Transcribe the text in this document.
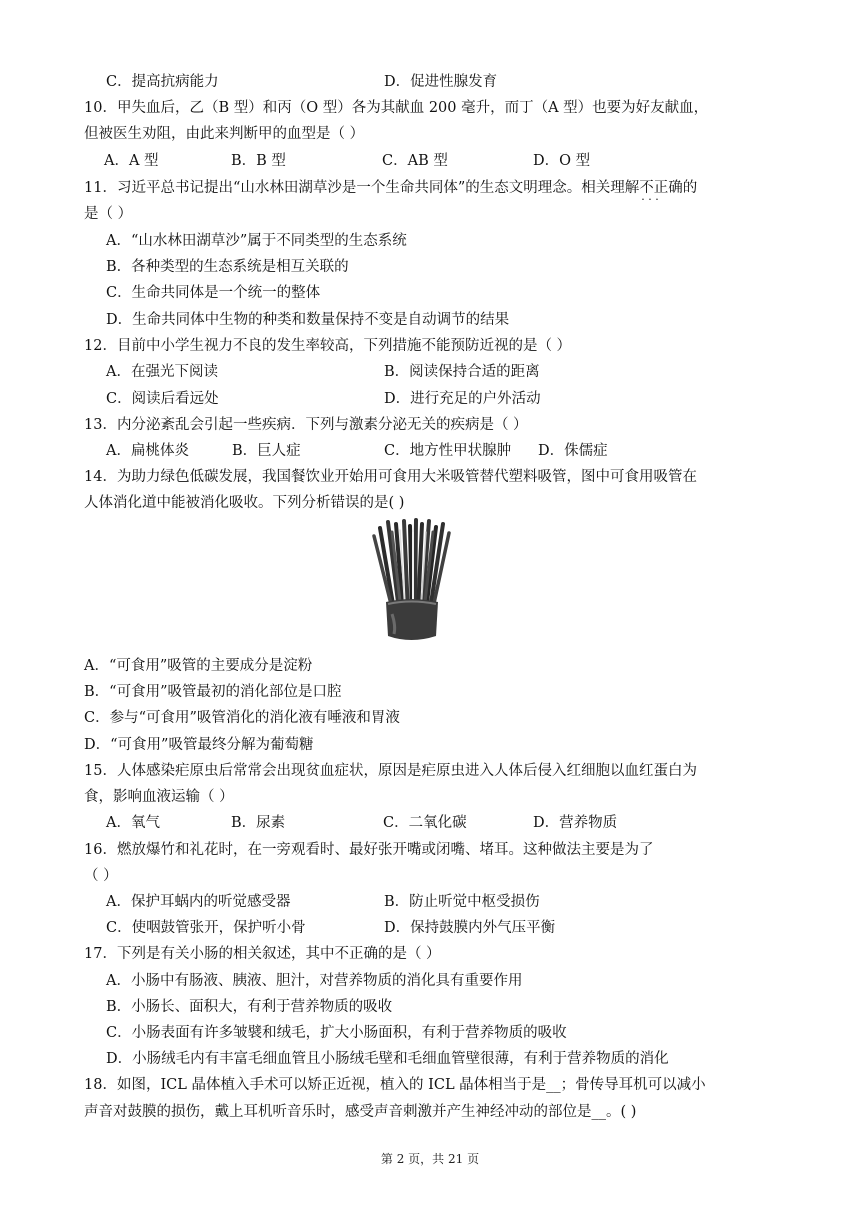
C．提高抗病能力	D．促进性腺发育
10．甲失血后，乙（B 型）和丙（O 型）各为其献血 200 毫升，而丁（A 型）也要为好友献血，
但被医生劝阻，由此来判断甲的血型是（ ）
A．A 型	B．B 型	C．AB 型	D．O 型
11．习近平总书记提出“山水林田湖草沙是一个生命共同体”的生态文明理念。相关理解不正确 · · ·的
是（ ）
A．“山水林田湖草沙”属于不同类型的生态系统
B．各种类型的生态系统是相互关联的
C．生命共同体是一个统一的整体
D．生命共同体中生物的种类和数量保持不变是自动调节的结果
12．目前中小学生视力不良的发生率较高，下列措施不能预防近视的是（ ）
A．在强光下阅读	B．阅读保持合适的距离
C．阅读后看远处	D．进行充足的户外活动
13．内分泌紊乱会引起一些疾病．下列与激素分泌无关的疾病是（ ）
A．扁桃体炎	B．巨人症	C．地方性甲状腺肿 D．侏儒症
14．为助力绿色低碳发展，我国餐饮业开始用可食用大米吸管替代塑料吸管，图中可食用吸管在
人体消化道中能被消化吸收。下列分析错误的是( )
A．“可食用”吸管的主要成分是淀粉
B．“可食用”吸管最初的消化部位是口腔
C．参与“可食用”吸管消化的消化液有唾液和胃液
D．“可食用”吸管最终分解为葡萄糖
15．人体感染疟原虫后常常会出现贫血症状，原因是疟原虫进入人体后侵入红细胞以血红蛋白为
食，影响血液运输（ ）
A．氧气	B．尿素	C．二氧化碳	D．营养物质
16．燃放爆竹和礼花时，在一旁观看时、最好张开嘴或闭嘴、堵耳。这种做法主要是为了
（ ）
A．保护耳蜗内的听觉感受器	B．防止听觉中枢受损伤
C．使咽鼓管张开，保护听小骨	D．保持鼓膜内外气压平衡
17．下列是有关小肠的相关叙述，其中不正确的是（ ）
A．小肠中有肠液、胰液、胆汁，对营养物质的消化具有重要作用
B．小肠长、面积大，有利于营养物质的吸收
C．小肠表面有许多皱襞和绒毛，扩大小肠面积，有利于营养物质的吸收
D．小肠绒毛内有丰富毛细血管且小肠绒毛壁和毛细血管壁很薄，有利于营养物质的消化
18．如图，ICL 晶体植入手术可以矫正近视，植入的 ICL 晶体相当于是__；骨传导耳机可以减小
声音对鼓膜的损伤，戴上耳机听音乐时，感受声音刺激并产生神经冲动的部位是__。( )
第 2 页，共 21 页
